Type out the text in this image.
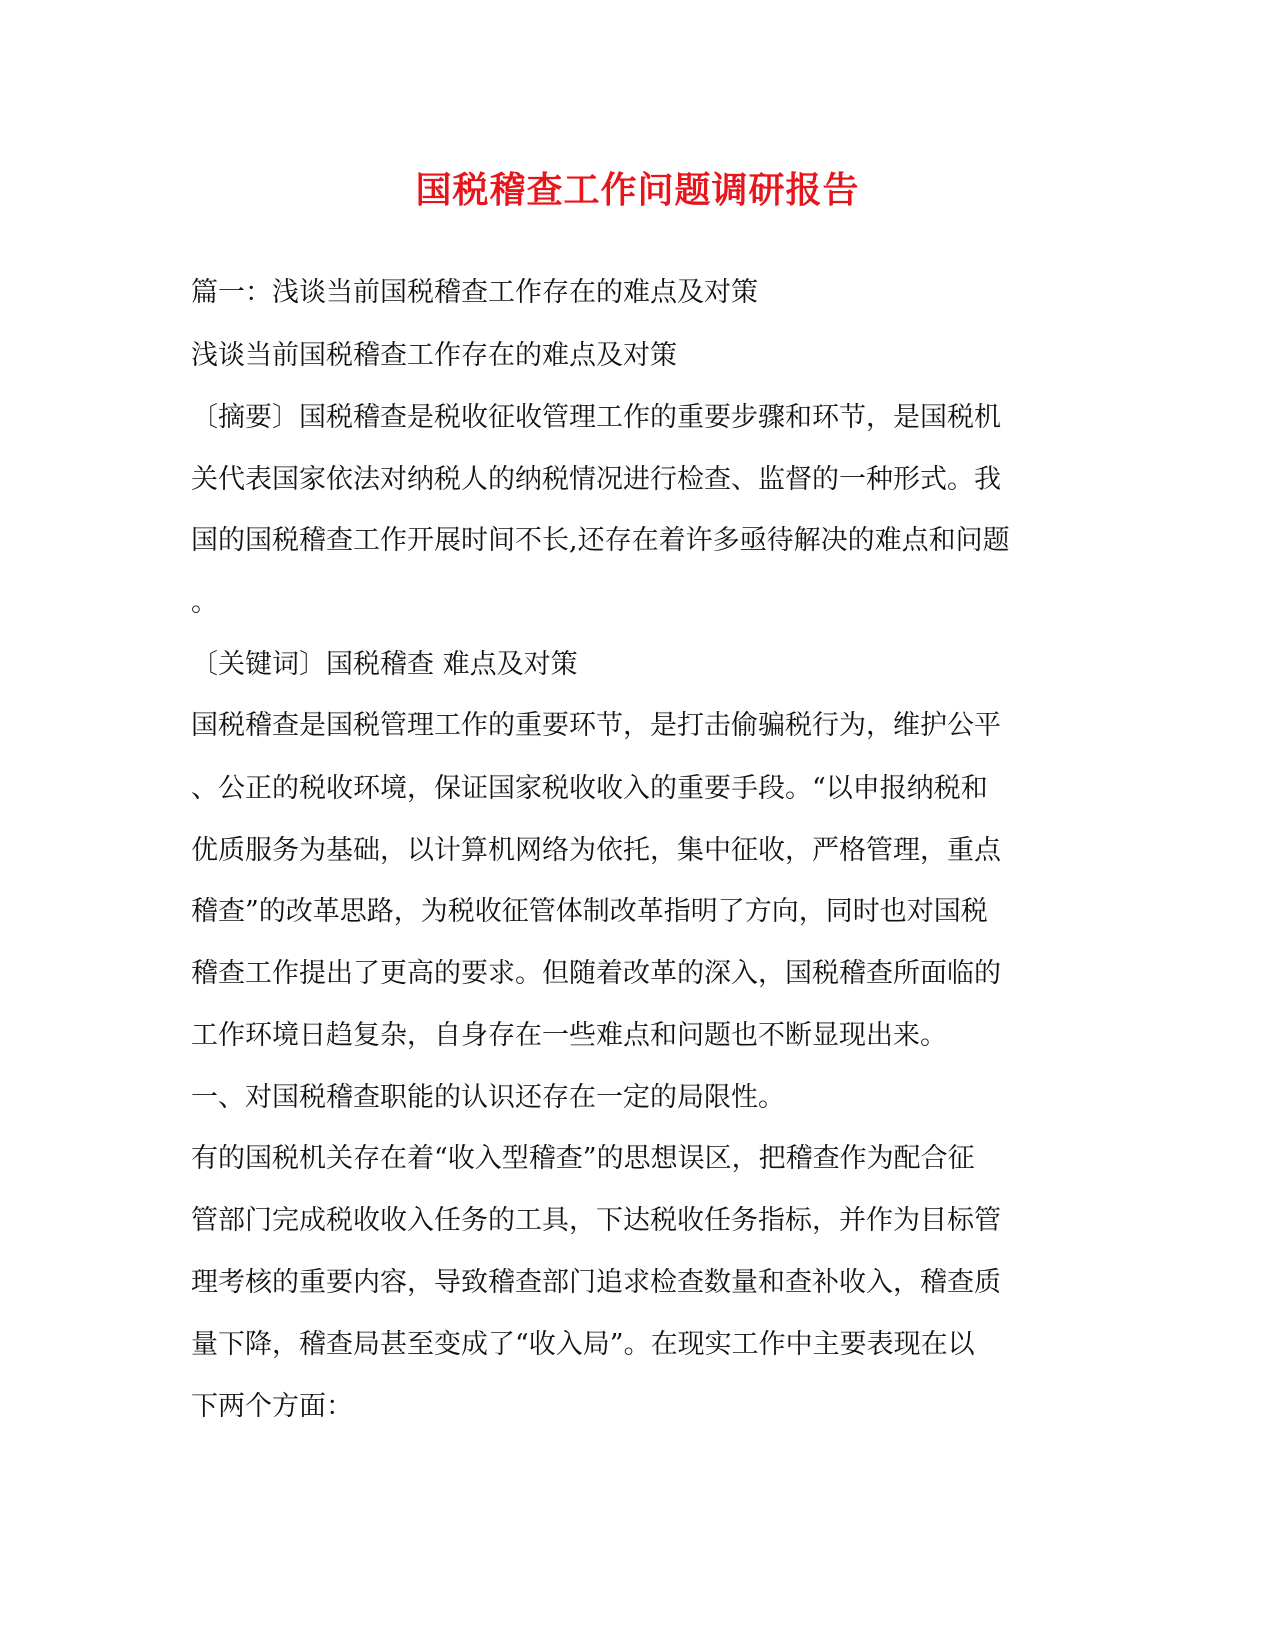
国税稽查工作问题调研报告
篇一：浅谈当前国税稽查工作存在的难点及对策
浅谈当前国税稽查工作存在的难点及对策
〔摘要〕国税稽查是税收征收管理工作的重要步骤和环节，是国税机
关代表国家依法对纳税人的纳税情况进行检查、监督的一种形式。我
国的国税稽查工作开展时间不长,还存在着许多亟待解决的难点和问题
。
〔关键词〕国税稽查 难点及对策
国税稽查是国税管理工作的重要环节，是打击偷骗税行为，维护公平
、公正的税收环境，保证国家税收收入的重要手段。“以申报纳税和
优质服务为基础，以计算机网络为依托，集中征收，严格管理，重点
稽查”的改革思路，为税收征管体制改革指明了方向，同时也对国税
稽查工作提出了更高的要求。但随着改革的深入，国税稽查所面临的
工作环境日趋复杂，自身存在一些难点和问题也不断显现出来。
一、对国税稽查职能的认识还存在一定的局限性。
有的国税机关存在着“收入型稽查”的思想误区，把稽查作为配合征
管部门完成税收收入任务的工具，下达税收任务指标，并作为目标管
理考核的重要内容，导致稽查部门追求检查数量和查补收入，稽查质
量下降，稽查局甚至变成了“收入局”。在现实工作中主要表现在以
下两个方面：
